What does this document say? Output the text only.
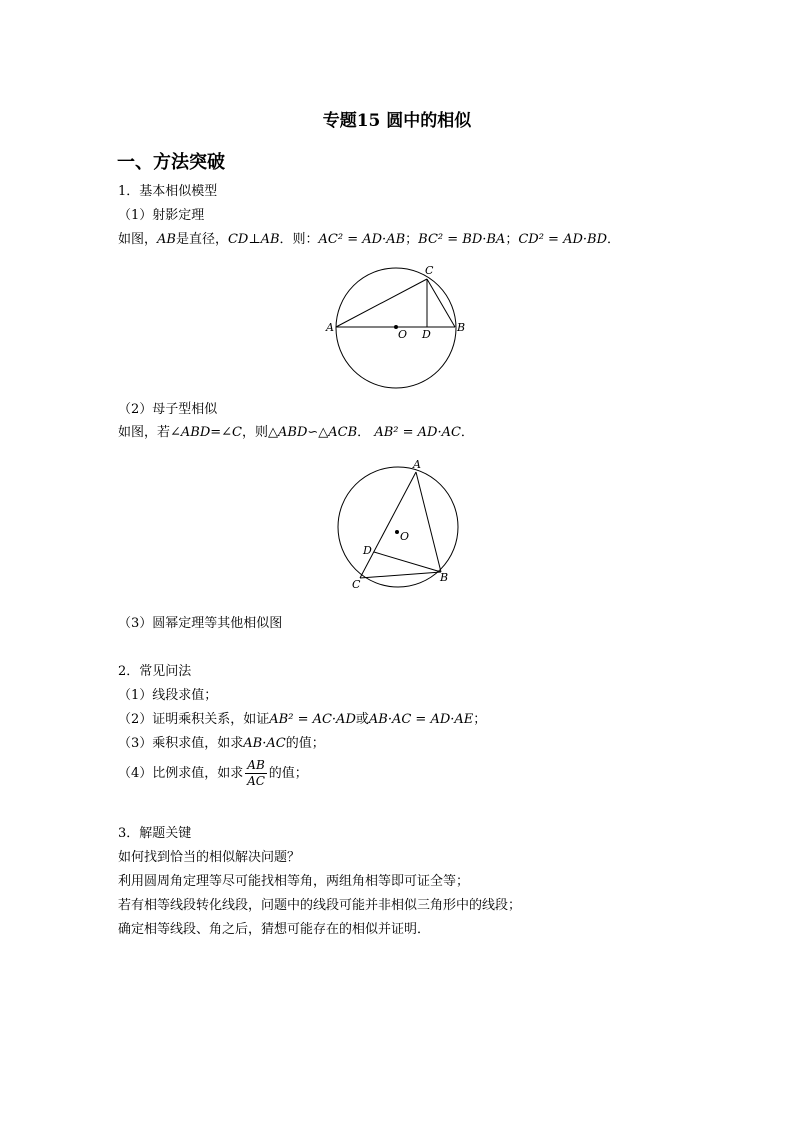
专题15 圆中的相似
一、方法突破
1．基本相似模型
（1）射影定理
如图，AB是直径，CD⊥AB．则：AC² = AD·AB；BC² = BD·BA；CD² = AD·BD．
A	B
C
D
O
（2）母子型相似
如图，若∠ABD=∠C，则△ABD∽△ACB． AB² = AD·AC．
A
B
C
D
O
（3）圆幂定理等其他相似图
2．常见问法
（1）线段求值；
（2）证明乘积关系，如证AB² = AC·AD或AB·AC = AD·AE；
（3）乘积求值，如求AB·AC的值；
（4）比例求值，如求 $\frac{AB}{AC}$ 的值；
3．解题关键
如何找到恰当的相似解决问题？
利用圆周角定理等尽可能找相等角，两组角相等即可证全等；
若有相等线段转化线段，问题中的线段可能并非相似三角形中的线段；
确定相等线段、角之后，猜想可能存在的相似并证明．
